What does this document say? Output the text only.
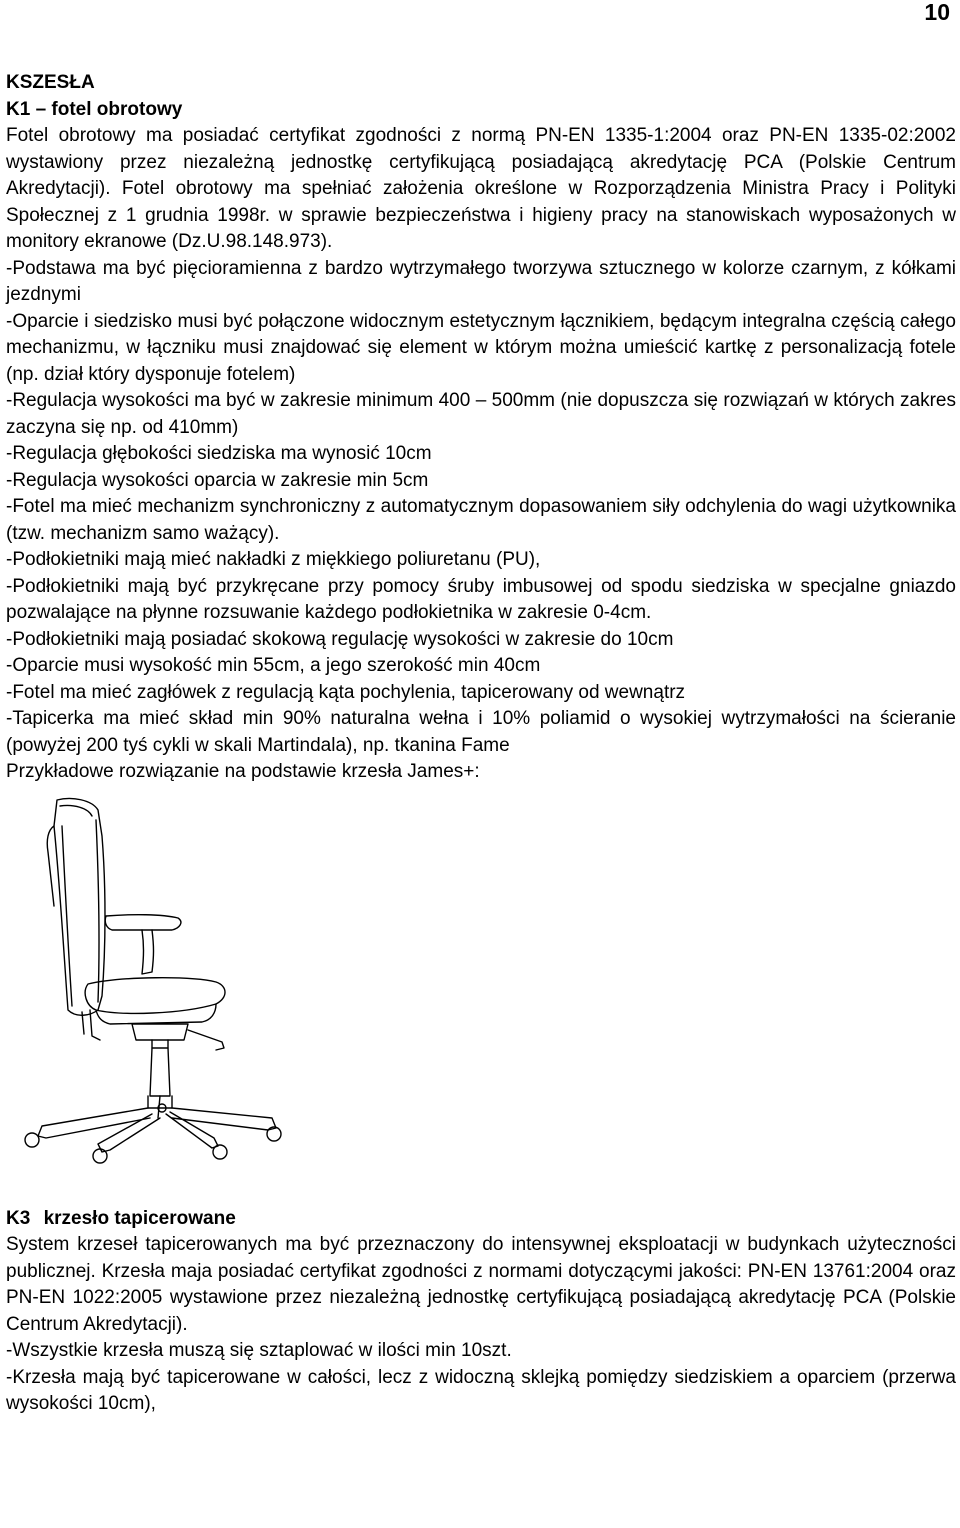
10

KSZESŁA

K1 – fotel obrotowy

Fotel obrotowy ma posiadać certyfikat zgodności z normą PN-EN 1335-1:2004 oraz PN-EN 1335-02:2002 wystawiony przez niezależną jednostkę certyfikującą posiadającą akredytację PCA (Polskie Centrum Akredytacji). Fotel obrotowy ma spełniać założenia określone w Rozporządzenia Ministra Pracy i Polityki Społecznej z 1 grudnia 1998r. w sprawie bezpieczeństwa i higieny pracy na stanowiskach wyposażonych w monitory ekranowe (Dz.U.98.148.973).

-Podstawa ma być pięcioramienna z bardzo wytrzymałego tworzywa sztucznego w kolorze czarnym, z kółkami jezdnymi

-Oparcie i siedzisko musi być połączone widocznym estetycznym łącznikiem, będącym integralna częścią całego mechanizmu, w łączniku musi znajdować się element w którym można umieścić kartkę z personalizacją fotele (np. dział który dysponuje fotelem)

-Regulacja wysokości ma być w zakresie minimum 400 – 500mm (nie dopuszcza się rozwiązań w których zakres zaczyna się np. od 410mm)

-Regulacja głębokości siedziska ma wynosić 10cm

-Regulacja wysokości oparcia w zakresie min 5cm

-Fotel ma mieć mechanizm synchroniczny z automatycznym dopasowaniem siły odchylenia do wagi użytkownika (tzw. mechanizm samo ważący).

-Podłokietniki mają mieć nakładki z miękkiego poliuretanu (PU),

-Podłokietniki mają być przykręcane przy pomocy śruby imbusowej od spodu siedziska w specjalne gniazdo pozwalające na płynne rozsuwanie każdego podłokietnika w zakresie 0-4cm.

-Podłokietniki mają posiadać skokową regulację wysokości w zakresie do 10cm

-Oparcie musi wysokość min 55cm, a jego szerokość min 40cm

-Fotel ma mieć zagłówek z regulacją kąta pochylenia, tapicerowany od wewnątrz

-Tapicerka ma mieć skład min 90% naturalna wełna i 10% poliamid o wysokiej wytrzymałości na ścieranie (powyżej 200 tyś cykli w skali Martindala), np. tkanina Fame

Przykładowe rozwiązanie na podstawie krzesła James+:

K3 krzesło tapicerowane

System krzeseł tapicerowanych ma być przeznaczony do intensywnej eksploatacji w budynkach użyteczności publicznej. Krzesła maja posiadać certyfikat zgodności z normami dotyczącymi jakości: PN-EN 13761:2004 oraz PN-EN 1022:2005 wystawione przez niezależną jednostkę certyfikującą posiadającą akredytację PCA (Polskie Centrum Akredytacji).

-Wszystkie krzesła muszą się sztaplować w ilości min 10szt.

-Krzesła mają być tapicerowane w całości, lecz z widoczną sklejką pomiędzy siedziskiem a oparciem (przerwa wysokości 10cm),
